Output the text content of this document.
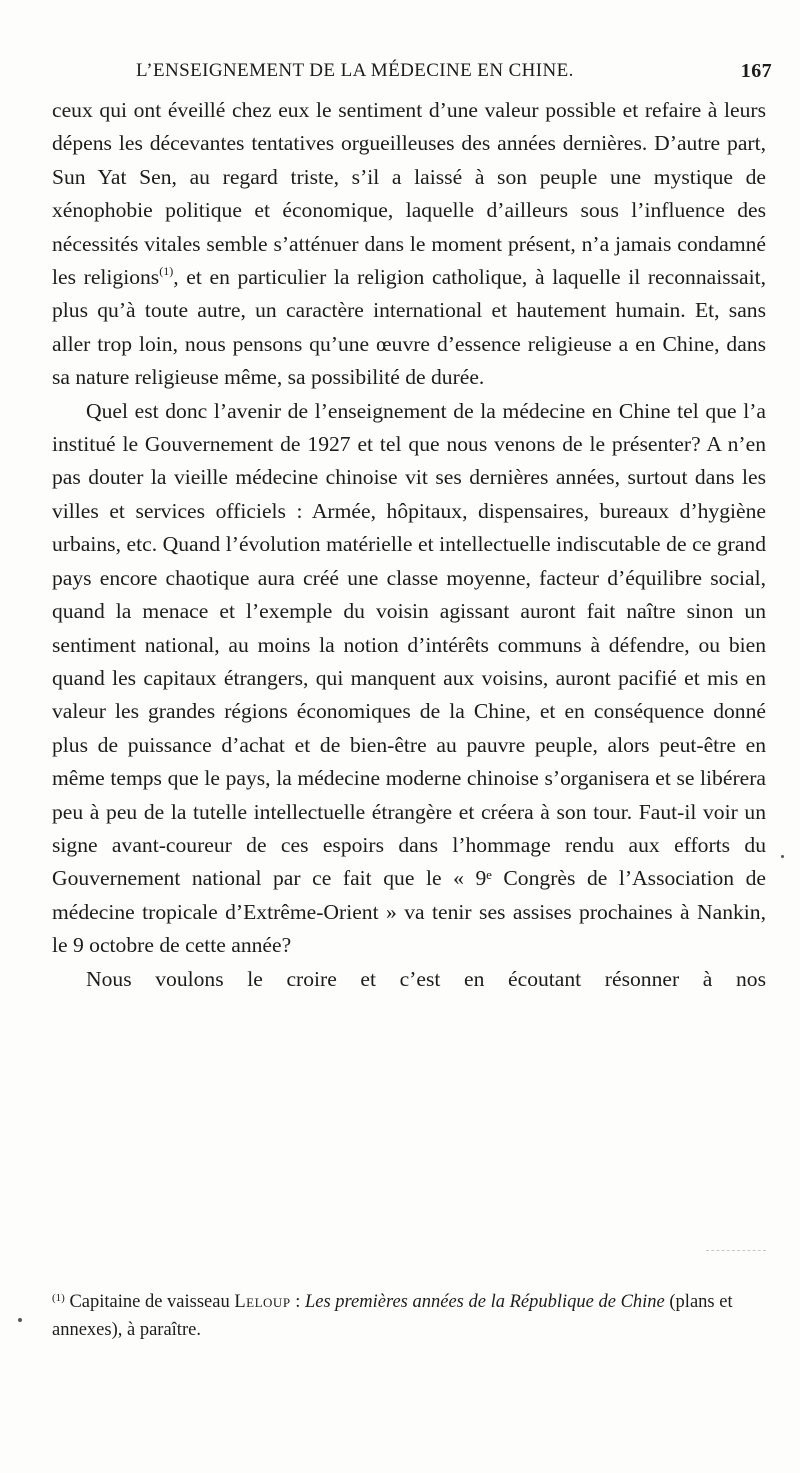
L’ENSEIGNEMENT DE LA MÉDECINE EN CHINE.	167

ceux qui ont éveillé chez eux le sentiment d’une valeur possible et refaire à leurs dépens les décevantes tentatives orgueilleuses des années dernières. D’autre part, Sun Yat Sen, au regard triste, s’il a laissé à son peuple une mystique de xénophobie politique et économique, laquelle d’ailleurs sous l’influence des nécessités vitales semble s’atténuer dans le moment présent, n’a jamais condamné les religions$^{(1)}$, et en particulier la religion catholique, à laquelle il reconnaissait, plus qu’à toute autre, un caractère international et hautement humain. Et, sans aller trop loin, nous pensons qu’une œuvre d’essence religieuse a en Chine, dans sa nature religieuse même, sa possibilité de durée.

Quel est donc l’avenir de l’enseignement de la médecine en Chine tel que l’a institué le Gouvernement de 1927 et tel que nous venons de le présenter? A n’en pas douter la vieille médecine chinoise vit ses dernières années, surtout dans les villes et services officiels : Armée, hôpitaux, dispensaires, bureaux d’hygiène urbains, etc. Quand l’évolution matérielle et intellectuelle indiscutable de ce grand pays encore chaotique aura créé une classe moyenne, facteur d’équilibre social, quand la menace et l’exemple du voisin agissant auront fait naître sinon un sentiment national, au moins la notion d’intérêts communs à défendre, ou bien quand les capitaux étrangers, qui manquent aux voisins, auront pacifié et mis en valeur les grandes régions économiques de la Chine, et en conséquence donné plus de puissance d’achat et de bien-être au pauvre peuple, alors peut-être en même temps que le pays, la médecine moderne chinoise s’organisera et se libérera peu à peu de la tutelle intellectuelle étrangère et créera à son tour. Faut-il voir un signe avant-coureur de ces espoirs dans l’hommage rendu aux efforts du Gouvernement national par ce fait que le « 9ᵉ Congrès de l’Association de médecine tropicale d’Extrême-Orient » va tenir ses assises prochaines à Nankin, le 9 octobre de cette année?

Nous voulons le croire et c’est en écoutant résonner à nos

$^{(1)}$ Capitaine de vaisseau Leloup : Les premières années de la République de Chine (plans et annexes), à paraître.
